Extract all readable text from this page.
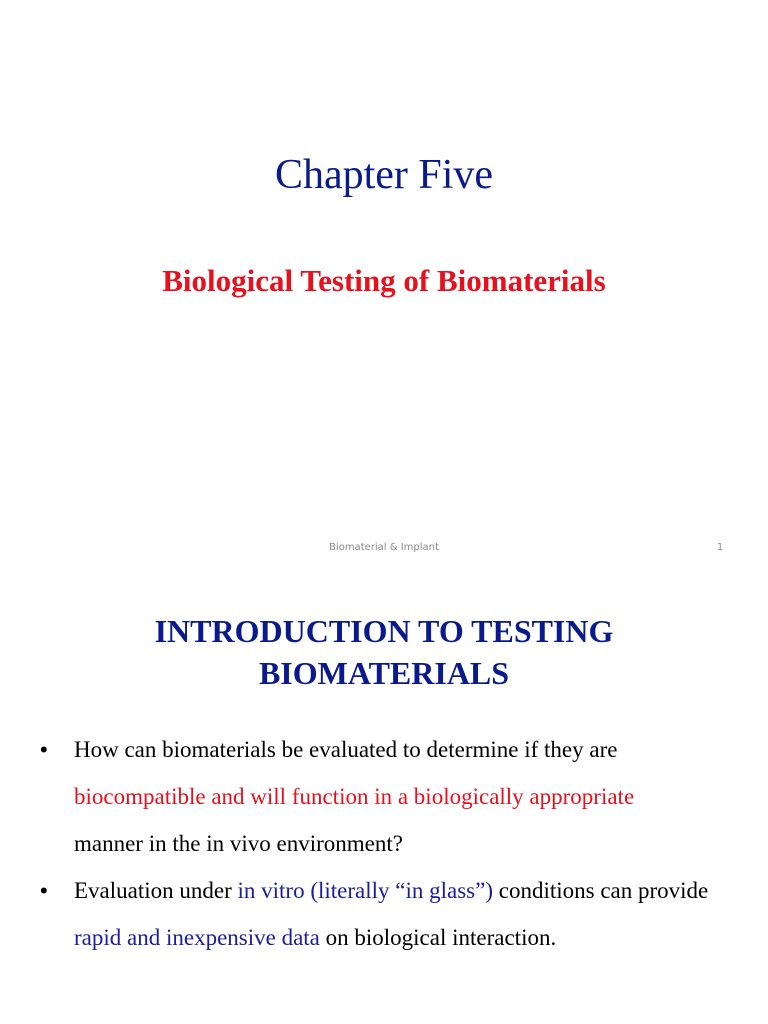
Chapter Five
Biological Testing of Biomaterials
Biomaterial & Implant	1
INTRODUCTION TO TESTING
BIOMATERIALS
• How can biomaterials be evaluated to determine if they are
biocompatible and will function in a biologically appropriate
manner in the in vivo environment?
• Evaluation under in vitro (literally “in glass”) conditions can provide rapid and inexpensive data on biological interaction.
